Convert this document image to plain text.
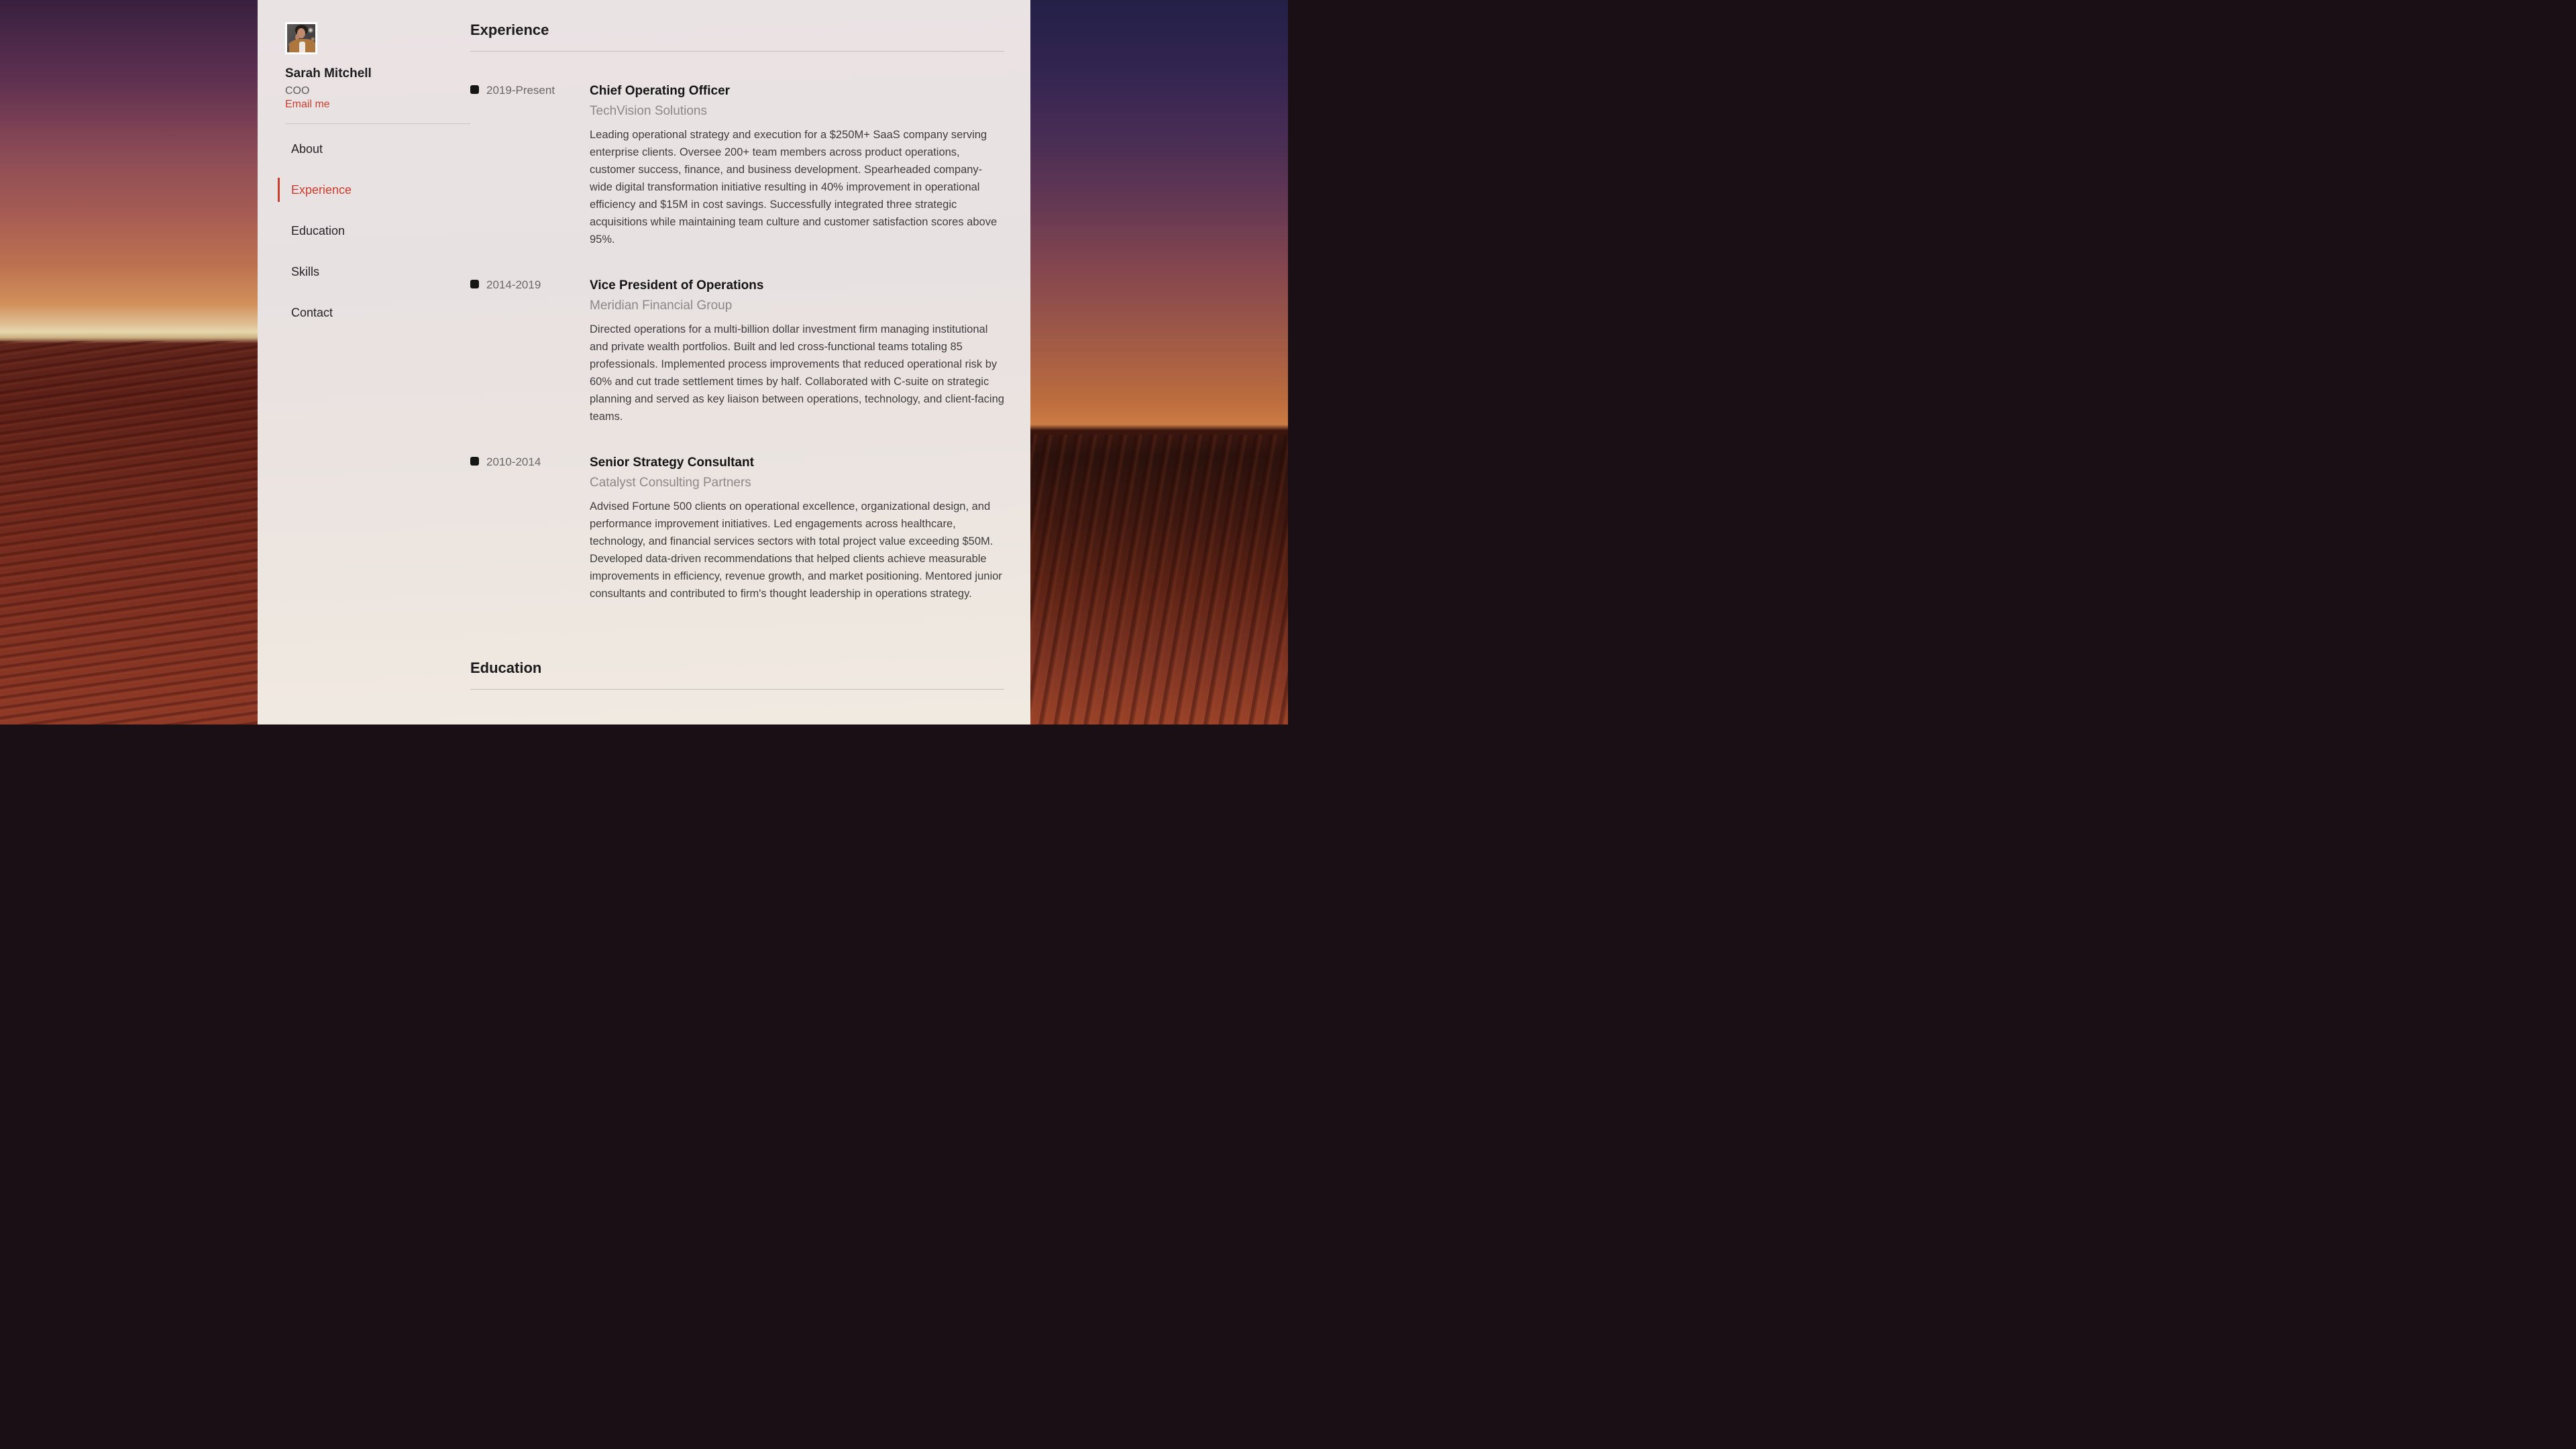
Sarah Mitchell
COO
Email me
About
Experience
Education
Skills
Contact
Experience
2019-Present	Chief Operating Officer
TechVision Solutions
Leading operational strategy and execution for a $250M+ SaaS company serving enterprise clients. Oversee 200+ team members across product operations, customer success, finance, and business development. Spearheaded company-wide digital transformation initiative resulting in 40% improvement in operational efficiency and $15M in cost savings. Successfully integrated three strategic acquisitions while maintaining team culture and customer satisfaction scores above 95%.
2014-2019	Vice President of Operations
Meridian Financial Group
Directed operations for a multi-billion dollar investment firm managing institutional and private wealth portfolios. Built and led cross-functional teams totaling 85 professionals. Implemented process improvements that reduced operational risk by 60% and cut trade settlement times by half. Collaborated with C-suite on strategic planning and served as key liaison between operations, technology, and client-facing teams.
2010-2014	Senior Strategy Consultant
Catalyst Consulting Partners
Advised Fortune 500 clients on operational excellence, organizational design, and performance improvement initiatives. Led engagements across healthcare, technology, and financial services sectors with total project value exceeding $50M. Developed data-driven recommendations that helped clients achieve measurable improvements in efficiency, revenue growth, and market positioning. Mentored junior consultants and contributed to firm's thought leadership in operations strategy.
Education
